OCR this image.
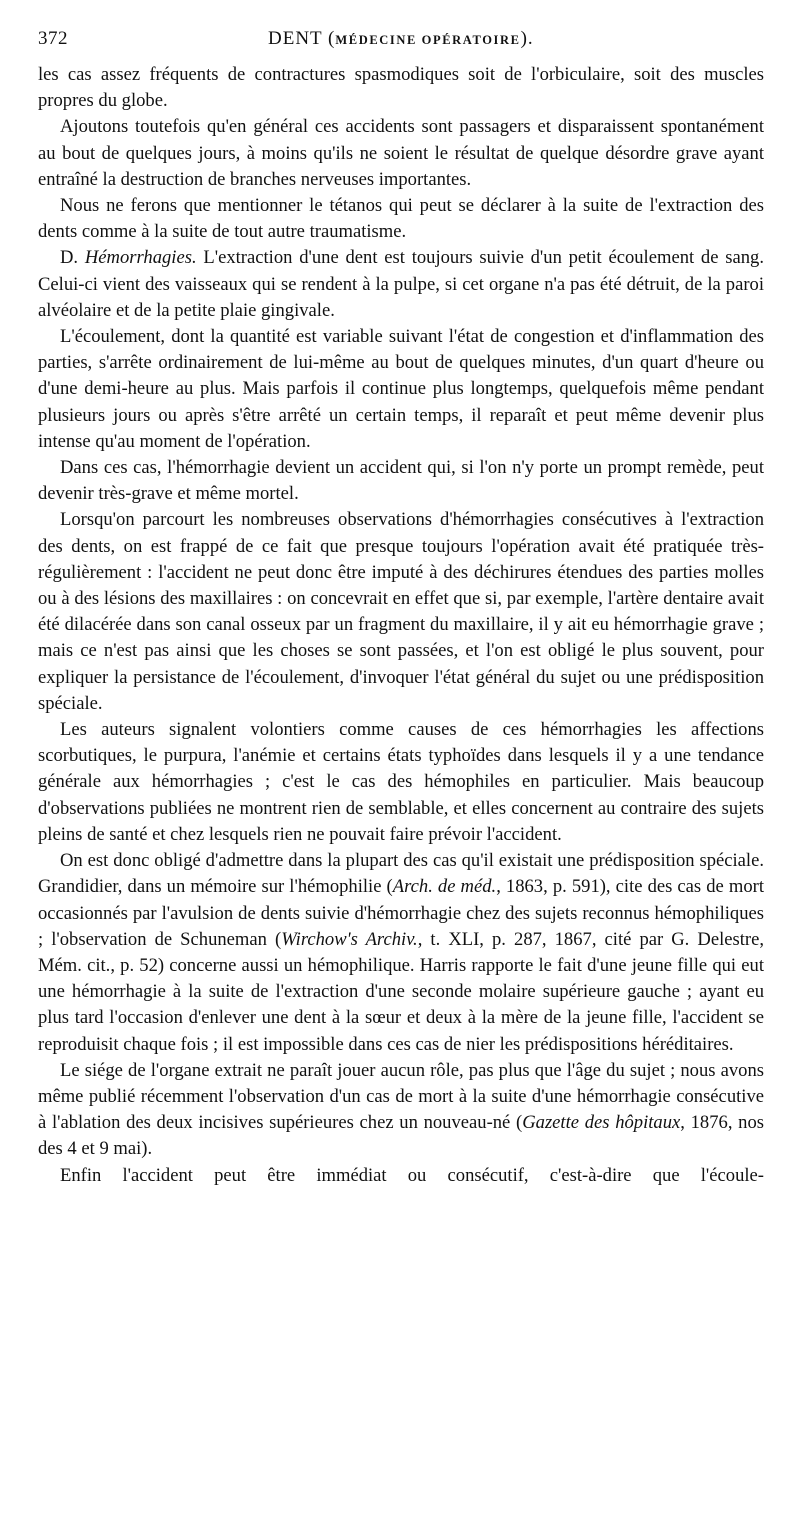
372	DENT (MÉDECINE OPÉRATOIRE).

les cas assez fréquents de contractures spasmodiques soit de l'orbiculaire, soit des muscles propres du globe.

Ajoutons toutefois qu'en général ces accidents sont passagers et disparaissent spontanément au bout de quelques jours, à moins qu'ils ne soient le résultat de quelque désordre grave ayant entraîné la destruction de branches nerveuses importantes.

Nous ne ferons que mentionner le tétanos qui peut se déclarer à la suite de l'extraction des dents comme à la suite de tout autre traumatisme.

D. Hémorrhagies. L'extraction d'une dent est toujours suivie d'un petit écoulement de sang. Celui-ci vient des vaisseaux qui se rendent à la pulpe, si cet organe n'a pas été détruit, de la paroi alvéolaire et de la petite plaie gingivale.

L'écoulement, dont la quantité est variable suivant l'état de congestion et d'inflammation des parties, s'arrête ordinairement de lui-même au bout de quelques minutes, d'un quart d'heure ou d'une demi-heure au plus. Mais parfois il continue plus longtemps, quelquefois même pendant plusieurs jours ou après s'être arrêté un certain temps, il reparaît et peut même devenir plus intense qu'au moment de l'opération.

Dans ces cas, l'hémorrhagie devient un accident qui, si l'on n'y porte un prompt remède, peut devenir très-grave et même mortel.

Lorsqu'on parcourt les nombreuses observations d'hémorrhagies consécutives à l'extraction des dents, on est frappé de ce fait que presque toujours l'opération avait été pratiquée très-régulièrement : l'accident ne peut donc être imputé à des déchirures étendues des parties molles ou à des lésions des maxillaires : on concevrait en effet que si, par exemple, l'artère dentaire avait été dilacérée dans son canal osseux par un fragment du maxillaire, il y ait eu hémorrhagie grave ; mais ce n'est pas ainsi que les choses se sont passées, et l'on est obligé le plus souvent, pour expliquer la persistance de l'écoulement, d'invoquer l'état général du sujet ou une prédisposition spéciale.

Les auteurs signalent volontiers comme causes de ces hémorrhagies les affections scorbutiques, le purpura, l'anémie et certains états typhoïdes dans lesquels il y a une tendance générale aux hémorrhagies ; c'est le cas des hémophiles en particulier. Mais beaucoup d'observations publiées ne montrent rien de semblable, et elles concernent au contraire des sujets pleins de santé et chez lesquels rien ne pouvait faire prévoir l'accident.

On est donc obligé d'admettre dans la plupart des cas qu'il existait une prédisposition spéciale. Grandidier, dans un mémoire sur l'hémophilie (Arch. de méd., 1863, p. 591), cite des cas de mort occasionnés par l'avulsion de dents suivie d'hémorrhagie chez des sujets reconnus hémophiliques ; l'observation de Schuneman (Wirchow's Archiv., t. XLI, p. 287, 1867, cité par G. Delestre, Mém. cit., p. 52) concerne aussi un hémophilique. Harris rapporte le fait d'une jeune fille qui eut une hémorrhagie à la suite de l'extraction d'une seconde molaire supérieure gauche ; ayant eu plus tard l'occasion d'enlever une dent à la sœur et deux à la mère de la jeune fille, l'accident se reproduisit chaque fois ; il est impossible dans ces cas de nier les prédispositions héréditaires.

Le siége de l'organe extrait ne paraît jouer aucun rôle, pas plus que l'âge du sujet ; nous avons même publié récemment l'observation d'un cas de mort à la suite d'une hémorrhagie consécutive à l'ablation des deux incisives supérieures chez un nouveau-né (Gazette des hôpitaux, 1876, nos des 4 et 9 mai).

Enfin l'accident peut être immédiat ou consécutif, c'est-à-dire que l'écoule-
